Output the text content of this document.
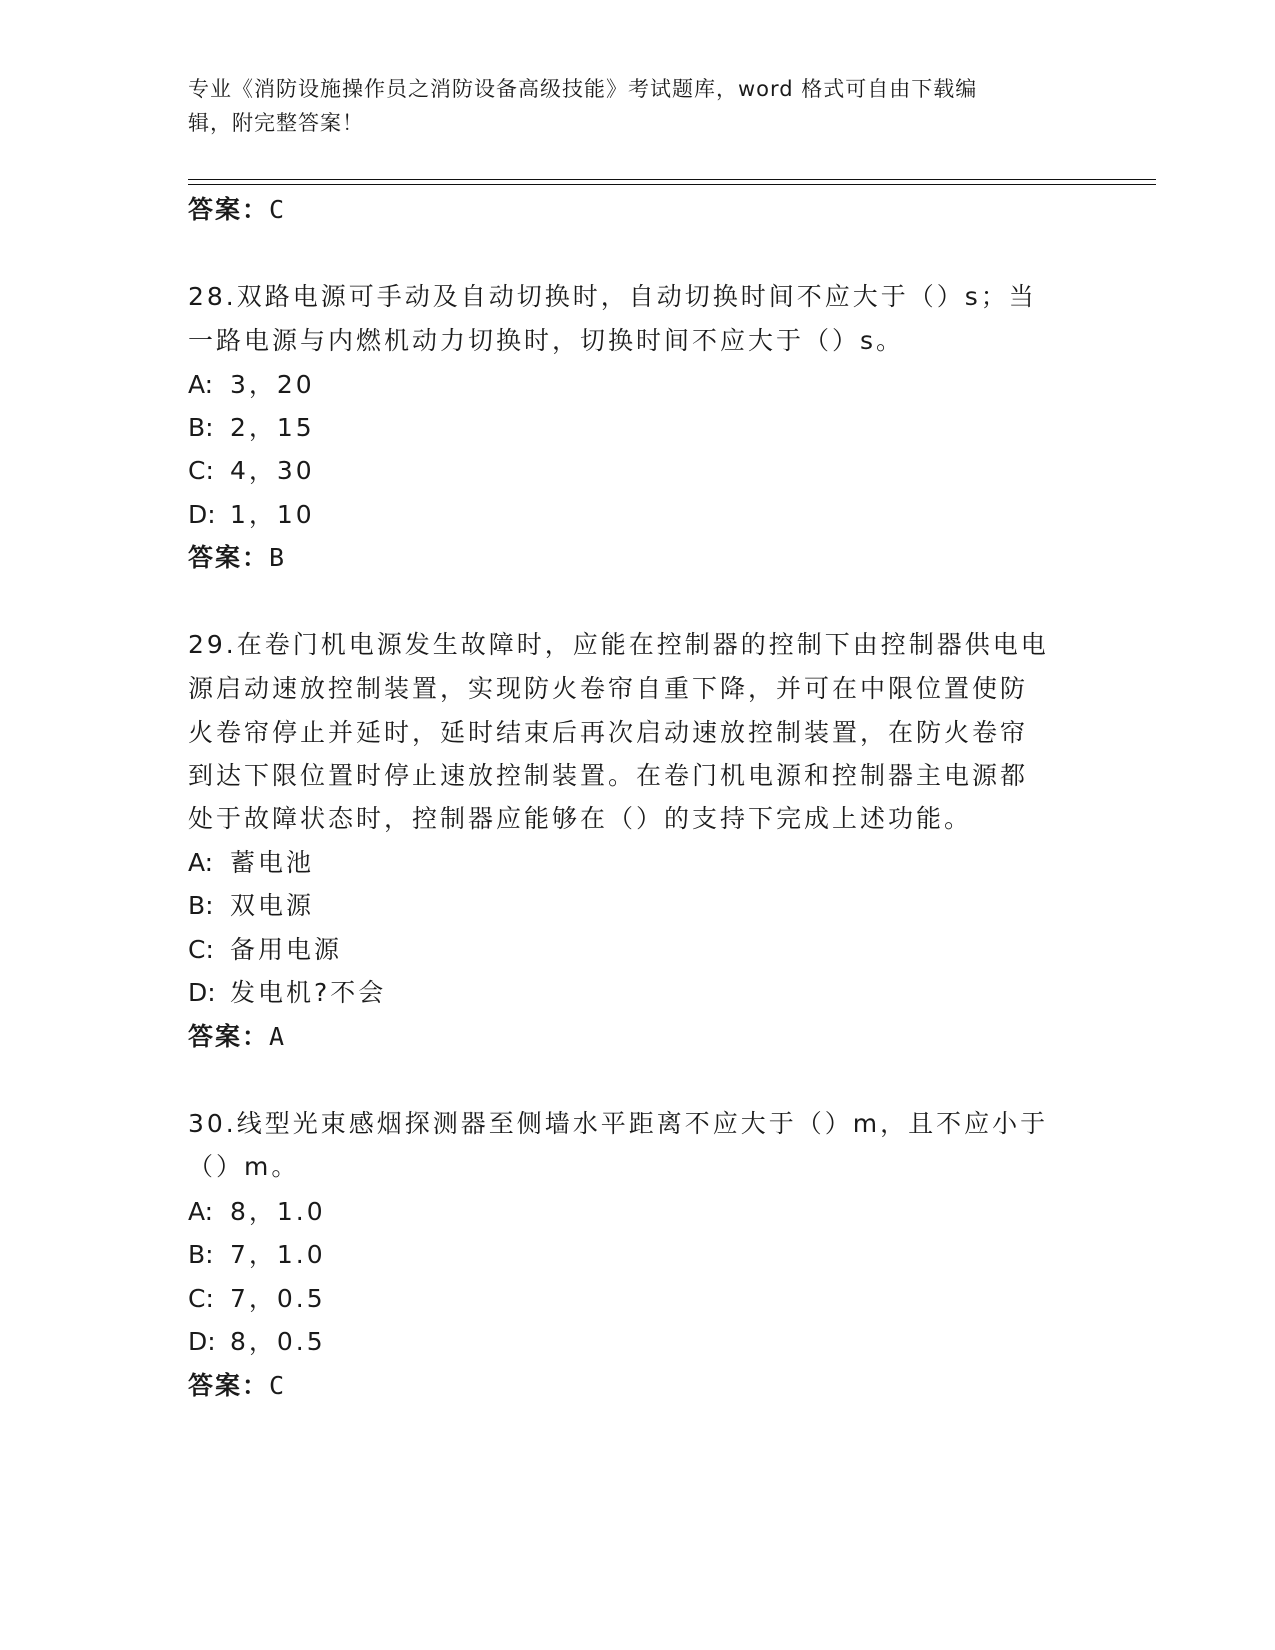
专业《消防设施操作员之消防设备高级技能》考试题库，word 格式可自由下载编
辑，附完整答案！
答案：C
28.双路电源可手动及自动切换时，自动切换时间不应大于（）s；当
一路电源与内燃机动力切换时，切换时间不应大于（）s。
A: 3，20
B: 2，15
C: 4，30
D: 1，10
答案：B
29.在卷门机电源发生故障时，应能在控制器的控制下由控制器供电电
源启动速放控制装置，实现防火卷帘自重下降，并可在中限位置使防
火卷帘停止并延时，延时结束后再次启动速放控制装置，在防火卷帘
到达下限位置时停止速放控制装置。在卷门机电源和控制器主电源都
处于故障状态时，控制器应能够在（）的支持下完成上述功能。
A: 蓄电池
B: 双电源
C: 备用电源
D: 发电机?不会
答案：A
30.线型光束感烟探测器至侧墙水平距离不应大于（）m，且不应小于
（）m。
A: 8，1.0
B: 7，1.0
C: 7，0.5
D: 8，0.5
答案：C
